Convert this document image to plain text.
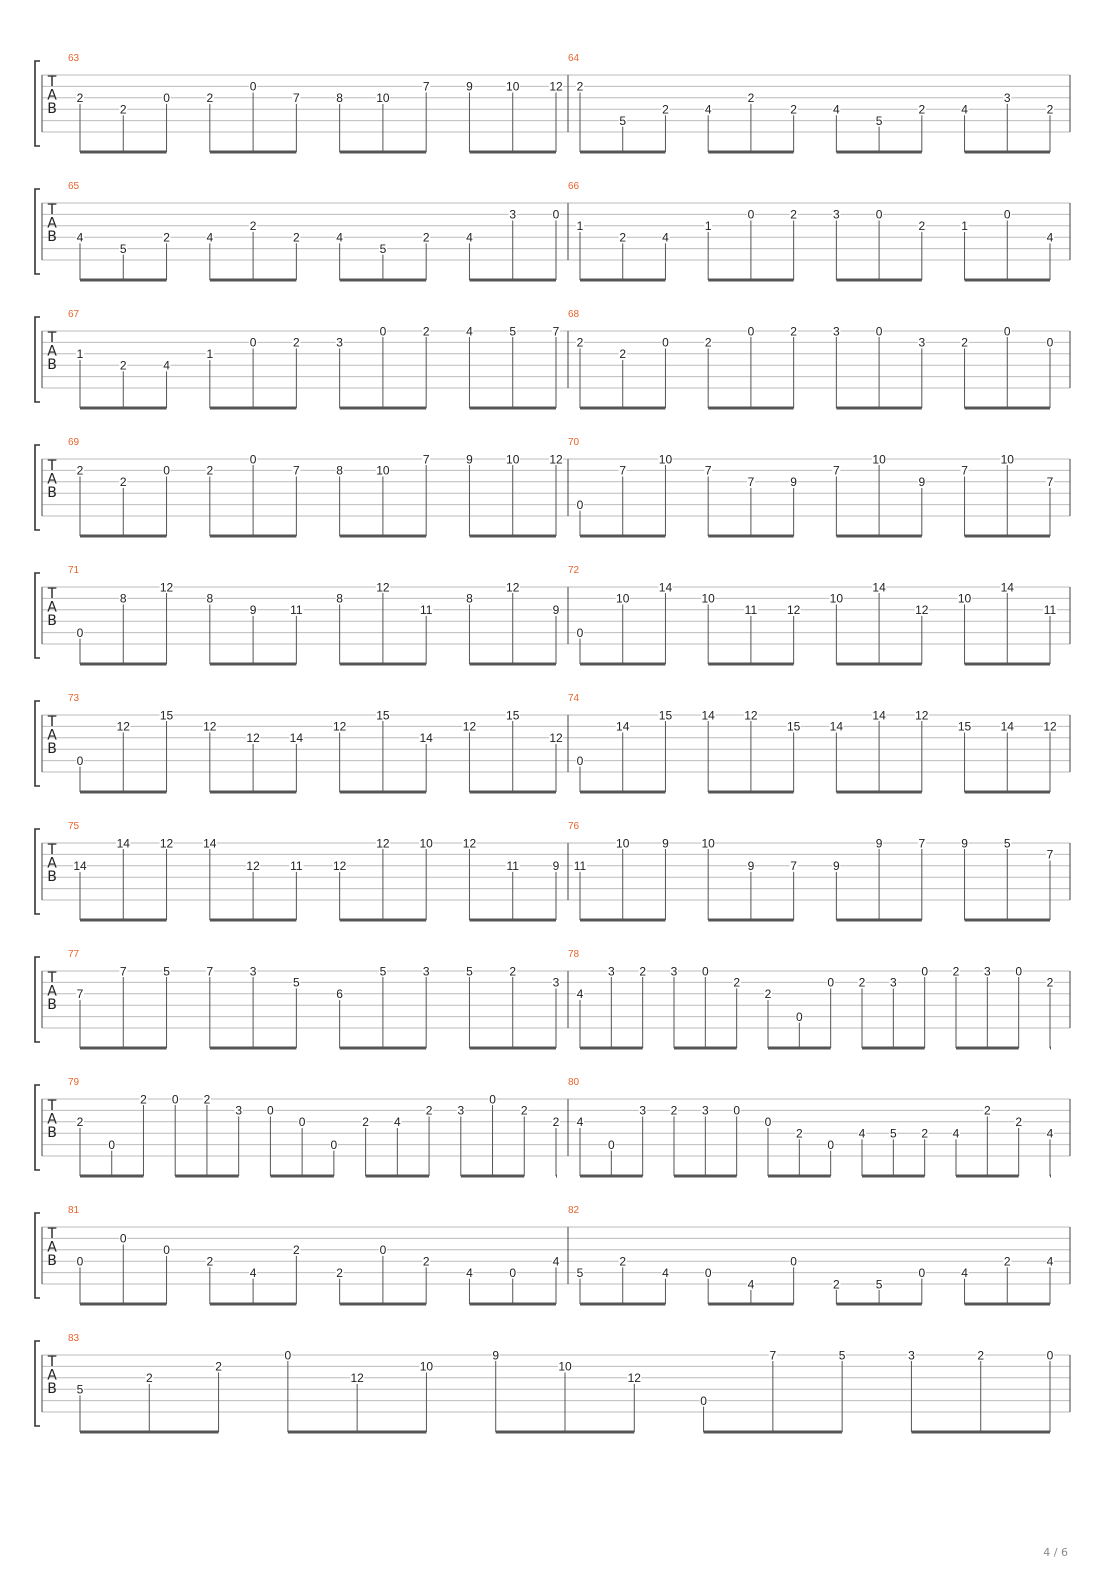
T
A
B
63
2
2
0	2
0
7	8	10
7	9	10 12
64
2
5
2	4
2
2	4
5
2	4
3
2
T
A
B
65
4
5
2	4
2
2	4
5
2	4
3	0
66
1
2	4
1
0	2	3	0
2	1
0
4
T
A
B
67
1
2	4
1
0	2	3
0	2	4	5	7
68
2
2
0	2
0	2	3	0
3	2
0
0
T
A
B
69
2
2
0	2
0
7	8	10
7	9	10 12
70
0
7
10
7
7	9
7
10
9
7
10
7
T
A
B
71
0
8
12
8
9	11
8
12
11
8
12
9
72
0
10
14
10
11 12
10
14
12
10
14
11
T
A
B
73
0
12
15
12
12 14
12
15
14
12
15
12
74
0
14
15 14 12
15 14
14 12
15 14 12
T
A
B
75
14
14 12 14
12	11	12
12 10 12
11	9
76
11
10	9	10
9	7	9
9	7	9	5
7
T
A
B
77
7
7	5	7	3
5
6
5	3	5	2
3
78
4
3 2 3 0
2
2
0
0 2 3
0 2 3 0
2
T
A
B
79
2
0
2 0 2
3 0
0
0
2 4
2 3
0
2
2
80
4
0
3 2 3 0
0
2
0
4 5 2 4
2
2
4
T
A
B
81
0
0
0
2
4
2
2
0
2
4	0
4
82
5
2
4	0
4
0
2	5
0	4
2	4
T
A
B
83
5
2
2
0
12
10
9
10
12
0
7	5	3	2	0
4 / 6
